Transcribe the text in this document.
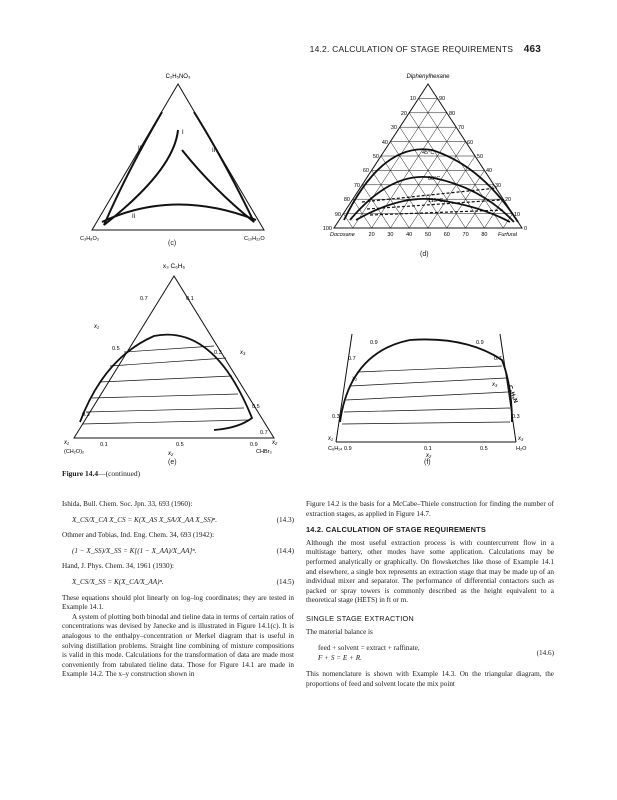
14.2. CALCULATION OF STAGE REQUIREMENTS 463
C₂H₅NO₃
I
II	II
II
C₃H₈O₃	C₁₀H₂₂O
(c)
Diphenylhexane
45°C
80°C
115°C
100
90
80
70
60
50
40
30
20
10	90
80
70
60
50
40
30
20
10
0
20 30 40 50 60 70 80
Docosane	Furfural
(d)
x₃ C₆H₆
0.7
0.5
0.3
0.1	0.5	0.9
0.1
0.3
0.5
0.7
x₁
x₃
x₁
(CH₂O)₂
x₂
CHBr₃
x₂
(e)
0.9
0.7
0.3
0.9	0.1	0.5
0.9
0.7
0.3
C₆H₅N
x₁
x₃
x₁
C₆H₁₄
x₃
H₂O
x₂
(f)
Figure 14.4—(continued)

Ishida, Bull. Chem. Soc. Jpn. 33, 693 (1960):

X_CS/X_CA X_CS = K(X_AS X_SA/X_AA X_SS)ⁿ.	(14.3)

Othmer and Tobias, Ind. Eng. Chem. 34, 693 (1942):

(1 − X_SS)/X_SS = K[(1 − X_AA)/X_AA]ⁿ.	(14.4)

Hand, J. Phys. Chem. 34, 1961 (1930):

X_CS/X_SS = K(X_CA/X_AA)ⁿ.	(14.5)

These equations should plot linearly on log–log coordinates; they are tested in Example 14.1.

A system of plotting both binodal and tieline data in terms of certain ratios of concentrations was devised by Janecke and is illustrated in Figure 14.1(c). It is analogous to the enthalpy–concentration or Merkel diagram that is useful in solving distillation problems. Straight line combining of mixture compositions is valid in this mode. Calculations for the transformation of data are made most conveniently from tabulated tieline data. Those for Figure 14.1 are made in Example 14.2. The x–y construction shown in

Figure 14.2 is the basis for a McCabe–Thiele construction for finding the number of extraction stages, as applied in Figure 14.7.

14.2. CALCULATION OF STAGE REQUIREMENTS

Although the most useful extraction process is with countercurrent flow in a multistage battery, other modes have some application. Calculations may be performed analytically or graphically. On flowsketches like those of Example 14.1 and elsewhere, a single box represents an extraction stage that may be made up of an individual mixer and separator. The performance of differential contactors such as packed or spray towers is commonly described as the height equivalent to a theoretical stage (HETS) in ft or m.

SINGLE STAGE EXTRACTION

The material balance is

feed + solvent = extract + raffinate,
F + S = E + R.
(14.6)

This nomenclature is shown with Example 14.3. On the triangular diagram, the proportions of feed and solvent locate the mix point
